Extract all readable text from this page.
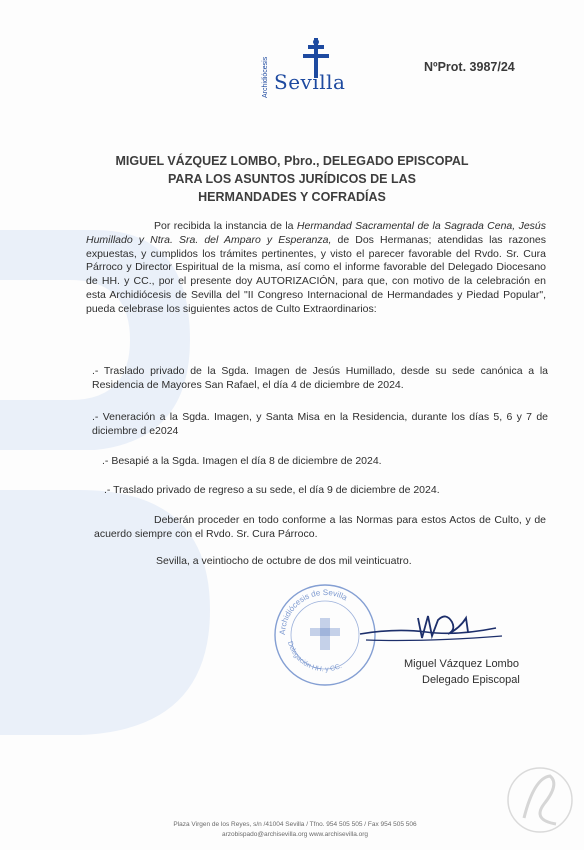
Archidiócesis Sevilla
NºProt. 3987/24
MIGUEL VÁZQUEZ LOMBO, Pbro., DELEGADO EPISCOPAL
PARA LOS ASUNTOS JURÍDICOS DE LAS
HERMANDADES Y COFRADÍAS
Por recibida la instancia de la Hermandad Sacramental de la Sagrada Cena, Jesús Humillado y Ntra. Sra. del Amparo y Esperanza, de Dos Hermanas; atendidas las razones expuestas, y cumplidos los trámites pertinentes, y visto el parecer favorable del Rvdo. Sr. Cura Párroco y Director Espiritual de la misma, así como el informe favorable del Delegado Diocesano de HH. y CC., por el presente doy AUTORIZACIÓN, para que, con motivo de la celebración en esta Archidiócesis de Sevilla del "II Congreso Internacional de Hermandades y Piedad Popular", pueda celebrase los siguientes actos de Culto Extraordinarios:
.- Traslado privado de la Sgda. Imagen de Jesús Humillado, desde su sede canónica a la Residencia de Mayores San Rafael, el día 4 de diciembre de 2024.
.- Veneración a la Sgda. Imagen, y Santa Misa en la Residencia, durante los días 5, 6 y 7 de diciembre d e2024
.- Besapié a la Sgda. Imagen el día 8 de diciembre de 2024.
.- Traslado privado de regreso a su sede, el día 9 de diciembre de 2024.
Deberán proceder en todo conforme a las Normas para estos Actos de Culto, y de acuerdo siempre con el Rvdo. Sr. Cura Párroco.
Sevilla, a veintiocho de octubre de dos mil veinticuatro.
Archidiócesis de Sevilla
Delegación HH. y CC.	Miguel Vázquez Lombo
Delegado Episcopal
Plaza Virgen de los Reyes, s/n /41004 Sevilla / Tfno. 954 505 505 / Fax 954 505 506
arzobispado@archisevilla.org www.archisevilla.org
